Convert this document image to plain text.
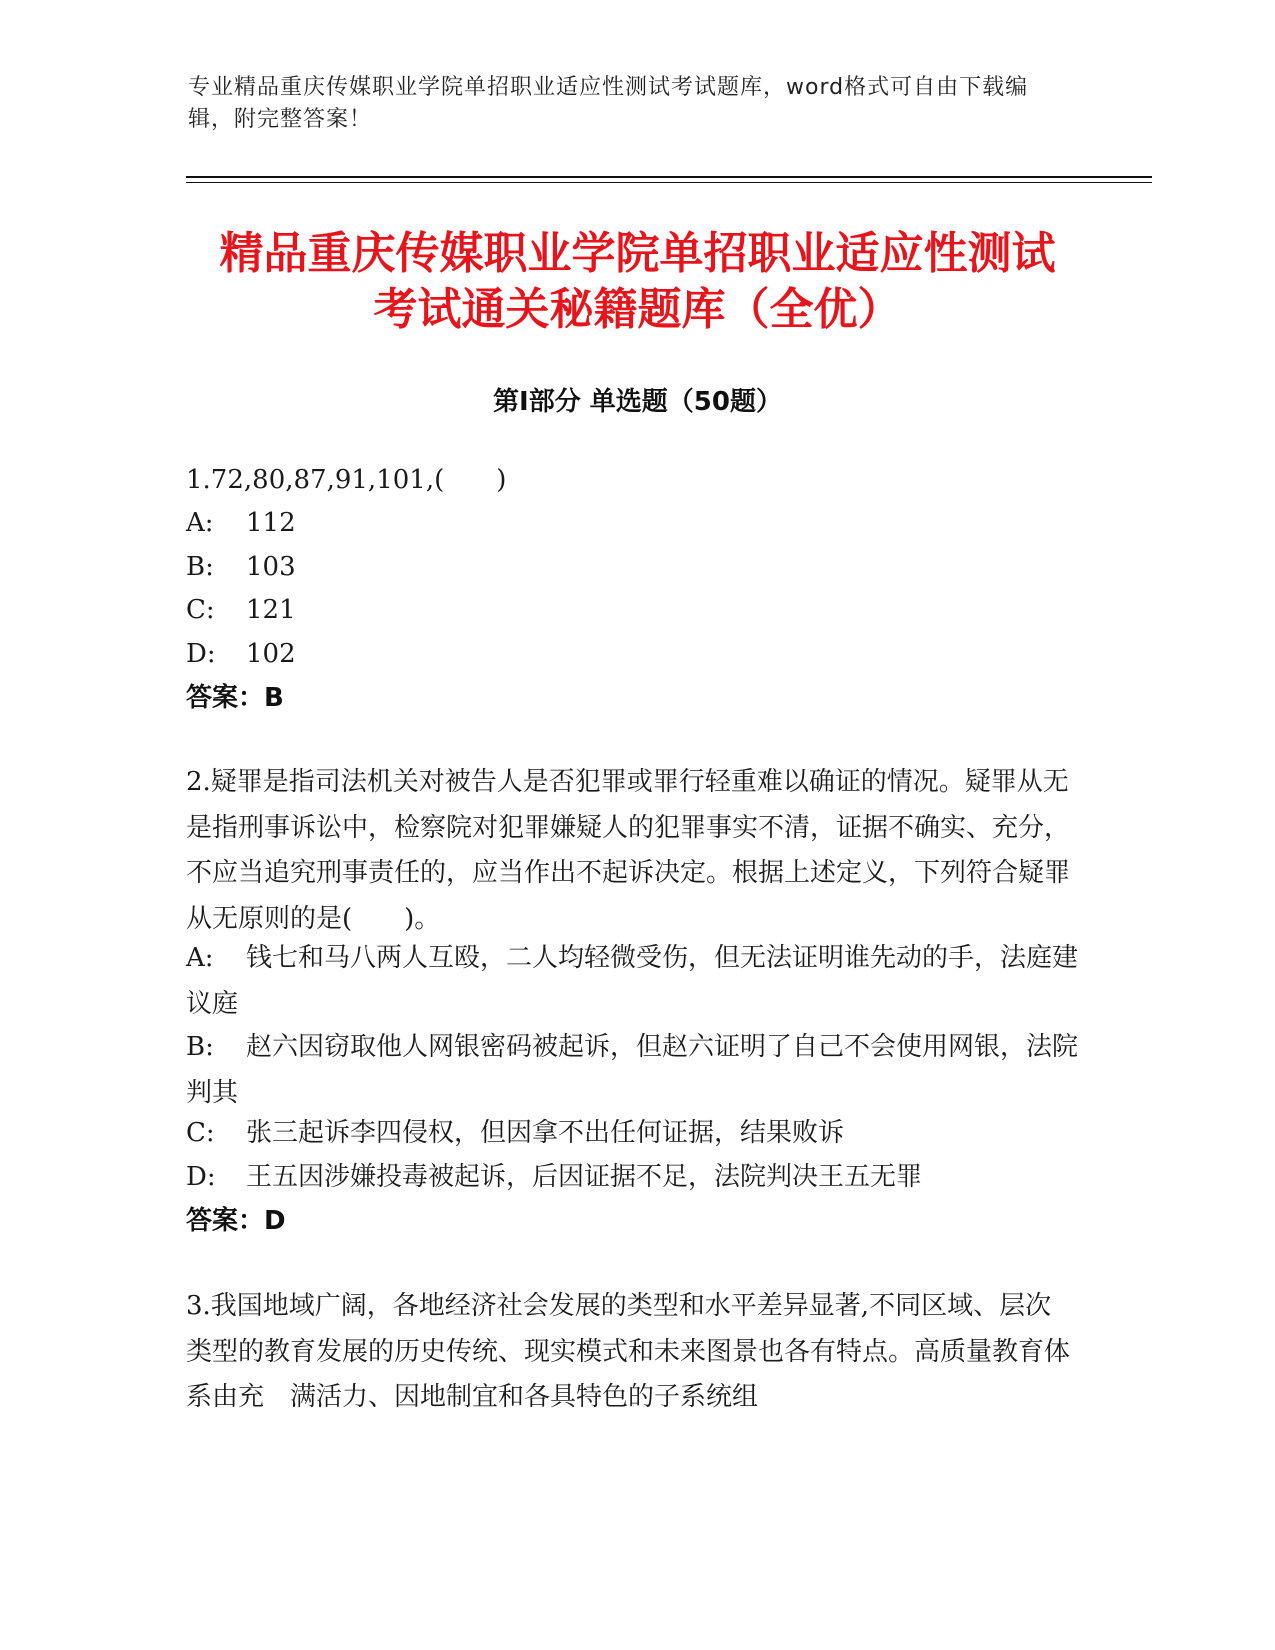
专业精品重庆传媒职业学院单招职业适应性测试考试题库，word格式可自由下载编辑，附完整答案！
精品重庆传媒职业学院单招职业适应性测试
考试通关秘籍题库（全优）
第Ⅰ部分 单选题（50题）

1.72,80,87,91,101,(　　)

A: 112

B: 103

C: 121

D: 102

答案：B

2.疑罪是指司法机关对被告人是否犯罪或罪行轻重难以确证的情况。疑罪从无 是指刑事诉讼中，检察院对犯罪嫌疑人的犯罪事实不清，证据不确实、充分，不应当追究刑事责任的，应当作出不起诉决定。根据上述定义，下列符合疑罪从无原则的是(　　)。

A: 钱七和马八两人互殴，二人均轻微受伤，但无法证明谁先动的手，法庭建议庭

B: 赵六因窃取他人网银密码被起诉，但赵六证明了自己不会使用网银，法院判其

C: 张三起诉李四侵权，但因拿不出任何证据，结果败诉

D: 王五因涉嫌投毒被起诉，后因证据不足，法院判决王五无罪

答案：D

3.我国地域广阔，各地经济社会发展的类型和水平差异显著,不同区域、层次　类型的教育发展的历史传统、现实模式和未来图景也各有特点。高质量教育体系由充　满活力、因地制宜和各具特色的子系统组
